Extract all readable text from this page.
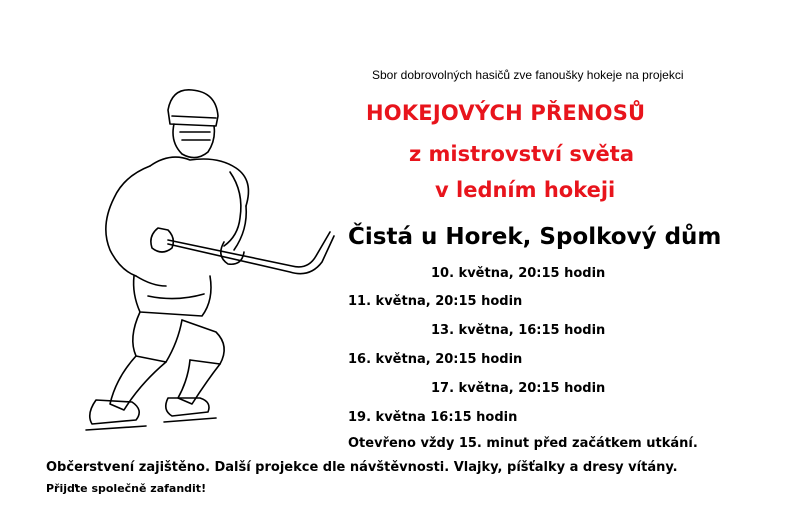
Sbor dobrovolných hasičů zve fanoušky hokeje na projekci
HOKEJOVÝCH PŘENOSŮ
z mistrovství světa
v ledním hokeji
Čistá u Horek, Spolkový dům
10. května, 20:15 hodin
11. května, 20:15 hodin
13. května, 16:15 hodin
16. května, 20:15 hodin
17. května, 20:15 hodin
19. května 16:15 hodin
Otevřeno vždy 15. minut před začátkem utkání.
Občerstvení zajištěno. Další projekce dle návštěvnosti. Vlajky, píšťalky a dresy vítány.
Přijďte společně zafandit!
